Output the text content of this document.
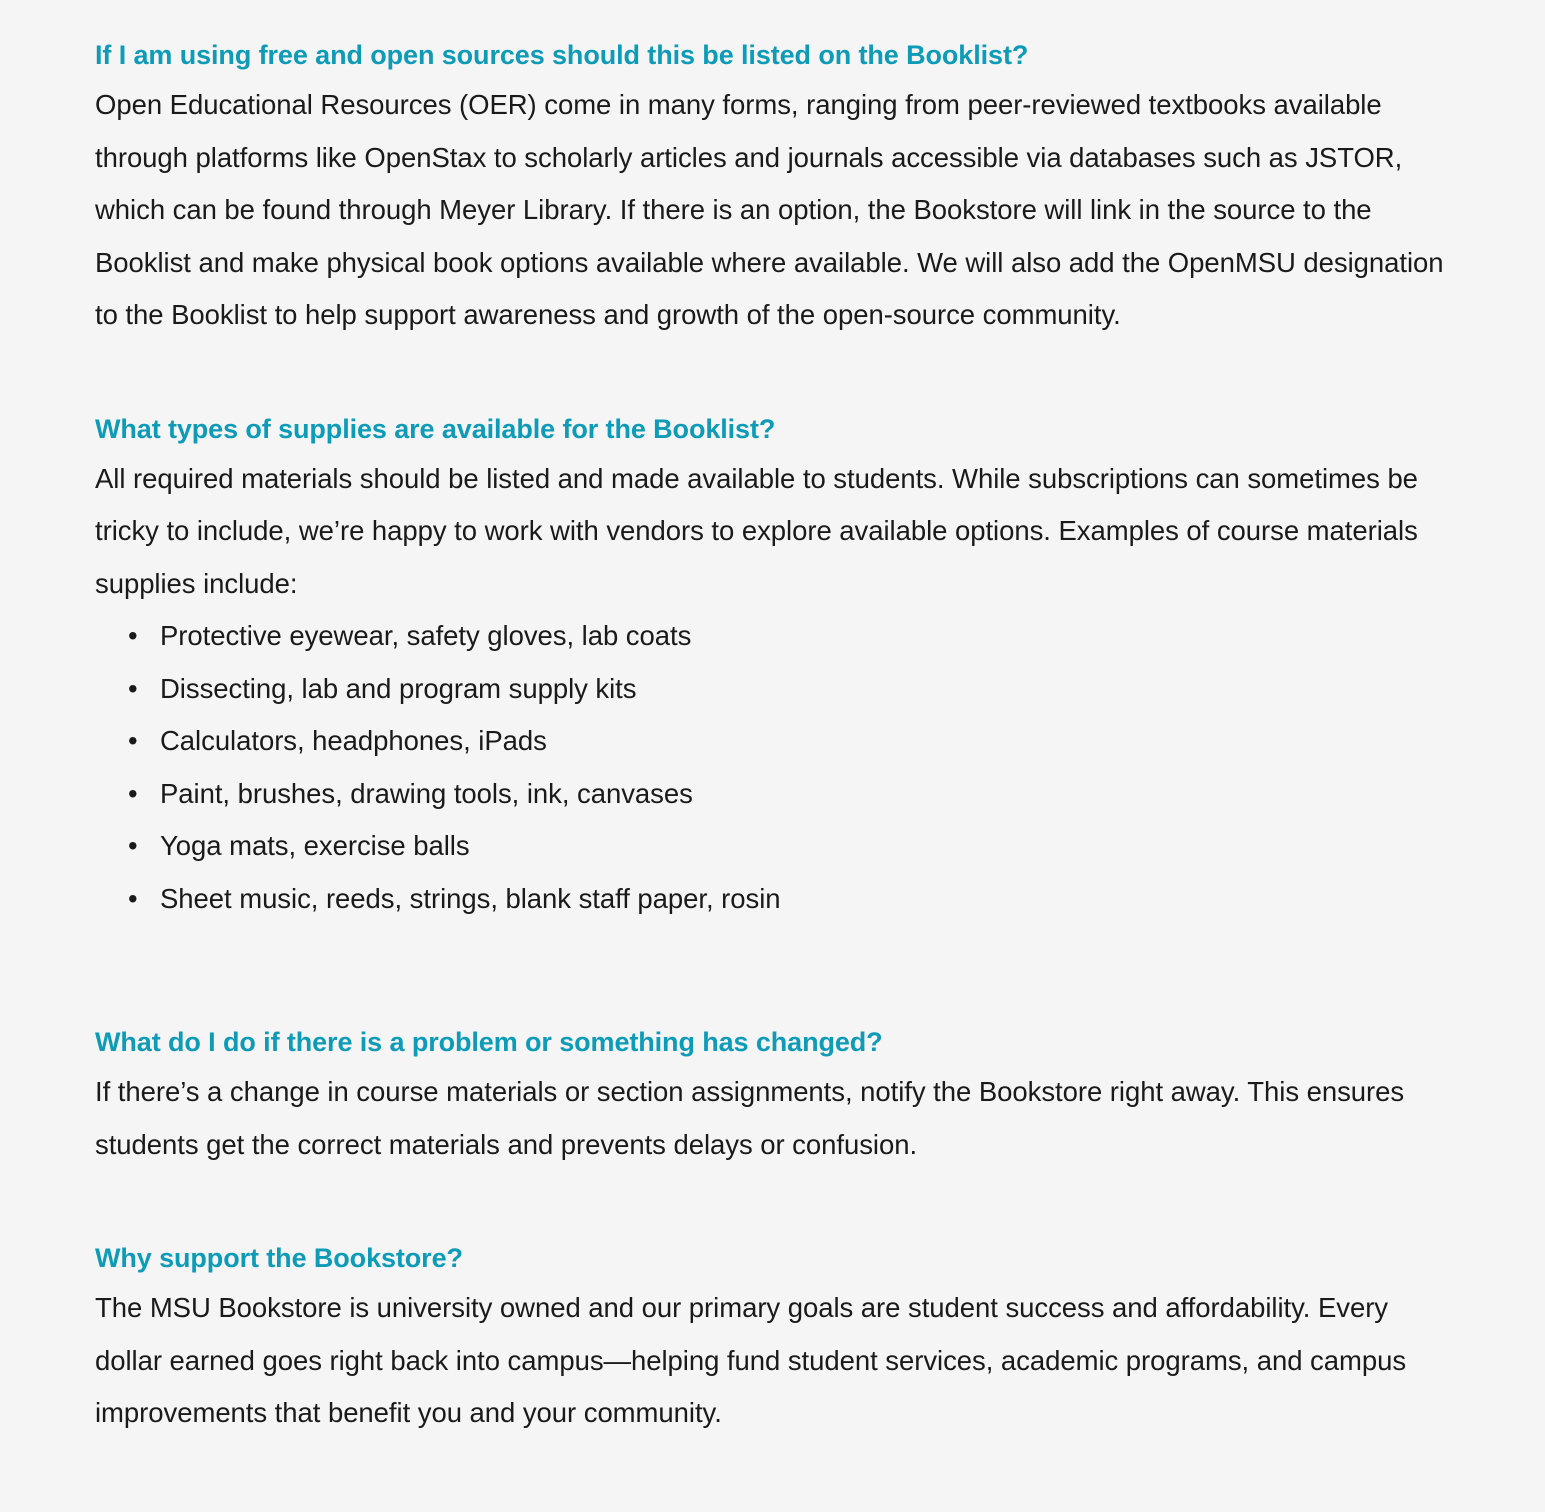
If I am using free and open sources should this be listed on the Booklist?

Open Educational Resources (OER) come in many forms, ranging from peer-reviewed textbooks available through platforms like OpenStax to scholarly articles and journals accessible via databases such as JSTOR, which can be found through Meyer Library. If there is an option, the Bookstore will link in the source to the Booklist and make physical book options available where available. We will also add the OpenMSU designation to the Booklist to help support awareness and growth of the open-source community.

What types of supplies are available for the Booklist?

All required materials should be listed and made available to students. While subscriptions can sometimes be tricky to include, we’re happy to work with vendors to explore available options. Examples of course materials supplies include:

• Protective eyewear, safety gloves, lab coats
• Dissecting, lab and program supply kits
• Calculators, headphones, iPads
• Paint, brushes, drawing tools, ink, canvases
• Yoga mats, exercise balls
• Sheet music, reeds, strings, blank staff paper, rosin
What do I do if there is a problem or something has changed?

If there’s a change in course materials or section assignments, notify the Bookstore right away. This ensures students get the correct materials and prevents delays or confusion.

Why support the Bookstore?

The MSU Bookstore is university owned and our primary goals are student success and affordability. Every dollar earned goes right back into campus—helping fund student services, academic programs, and campus improvements that benefit you and your community.
